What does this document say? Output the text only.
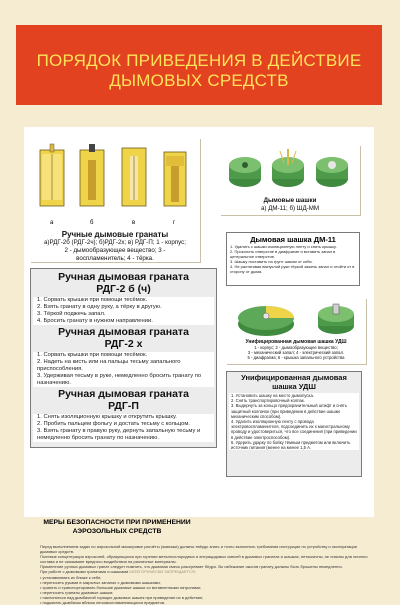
ПОРЯДОК ПРИВЕДЕНИЯ В ДЕЙСТВИЕ
ДЫМОВЫХ СРЕДСТВ
а	б	в	г
Ручные дымовые гранаты
а)РДГ-2б (РДГ-2ч); б)РДГ-2х; в) РДГ-П; 1 - корпус;
2 - дымообразующее вещество; 3 -
воспламенитель; 4 - тёрка.
Дымовые шашки
а) ДМ-11; б) ШД-ММ
Дымовая шашка ДМ-11
1. Удалить с шашки изоляционную ленту и снять крышку.
2. Проколоть отверстие в диафрагме и вставить запал в центральное отверстие.
3. Шашку поставить на грунт шаком от себя.
4. Не растягивая выпуклой руки тёркой зажечь запал и отойти от в сторону от дыма.
Ручная дымовая граната
РДГ-2 б (ч)
1. Сорвать крышки при помощи тесёмок.
2. Взять гранату в одну руку, а тёрку в другую.
3. Тёркой поджечь запал.
4. Бросить гранату в нужном направлении.
Ручная дымовая граната
РДГ-2 х
1. Сорвать крышки при помощи тесёмок.
2. Надеть на кисть или на пальцы тесьму запального приспособления.
3. Удерживая тесьму в руке, немедленно бросить гранату по назначению.
Ручная дымовая граната
РДГ-П
1. Снять изоляционную крышку и открутить крышку.
2. Пробить пальцем фольгу и достать тесьму с кольцом.
3. Взять гранату в правую руку, дернуть запальную тесьму и немедленно бросить гранату по назначению.
Унифицированная дымовая шашка УДШ
1 - корпус; 2 - дымообразующее вещество;
3 - механический запал; 4 - электрический запал.
5 - диафрагма; 6 - крышка запального устройства
Унифицированная дымовая
шашка УДШ
1. Установить шашку на место дымопуска.
2. Снять транспортировочный колпак.
3. Выдернуть за кольцо предохранительный штифт и снять защитный колпачок (при приведении в действие шашки механическим способом).
4. Удалить изоляционную ленту с провода электровоспламенителя, подсоединить их к магистральному проводу и удостовериться, что все соединения (при приведении в действие электроспособом).
5. Удерить ударку по бойку тёмным предметом или включить источник питания (менее на менее 1,5 А.
МЕРЫ БЕЗОПАСНОСТИ ПРИ ПРИМЕНЕНИИ
АЭРОЗОЛЬНЫХ СРЕДСТВ

Перед выполнением задач по аэрозольной маскировке расчёты (экипажи) должны твёрдо знать и точно выполнять требования инструкции по устройству и эксплуатации дымовых средств.

Полевые концентрации аэрозолей, образующихся при горении металлохлоридных и антрацидовых смесей в дымовых гранатах и шашках, нетоксичны, не опасны для личного состава и не оказывают вредного воздействия на различные материалы.

Применение ручных дымовых гранат следует помнить, что дымовая смесь разогревает бёдро. Во избежание ожогов гранату должны быть брошены немедленно.

При работе с дымовыми гранатами и шашками КАТЕГОРИЧЕСКИ ЗАПРЕЩАЕТСЯ:

• устанавливать их ближе к себе;

• переносить руками в закрытых запалах с дымовыми шашками;

• хранить и транспортировать большие дымовые шашки со вставленными патронами;

• переносить гранаты дымовые шашки;

• наклоняться над дымбачной горящих дымовых шашек при приведении их в действие;

• поджигать дымбачок вблизи легковоспламеняющихся предметов.
